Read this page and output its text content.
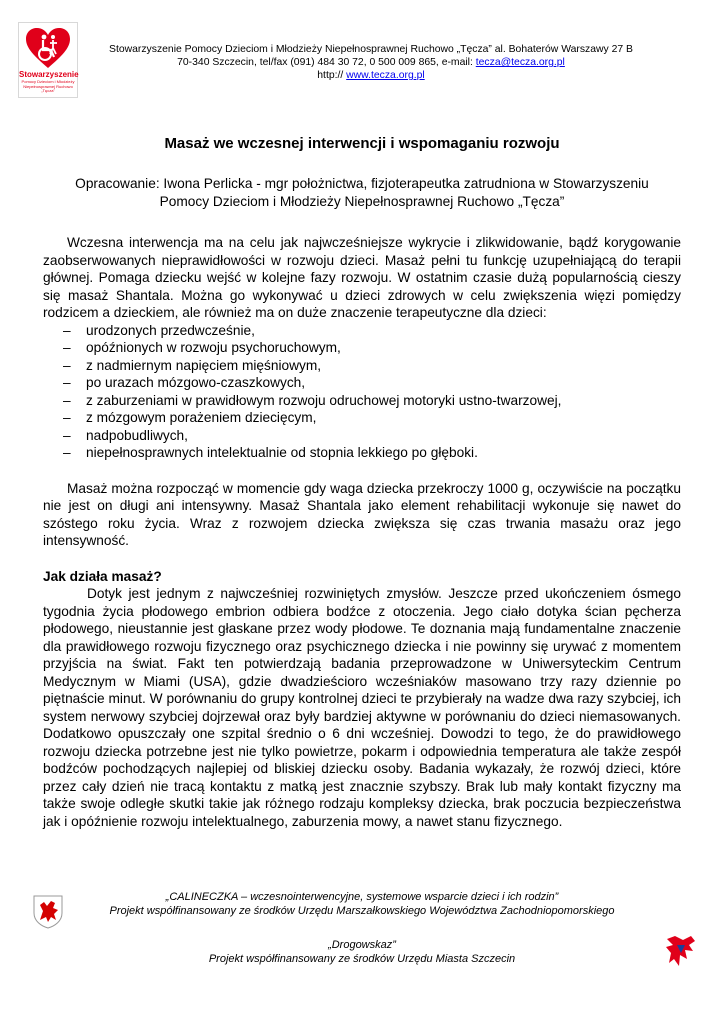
Stowarzyszenie
Pomocy Dzieciom i Młodzieży Niepełnosprawnej Ruchowo „Tęcza”
Stowarzyszenie Pomocy Dzieciom i Młodzieży Niepełnosprawnej Ruchowo „Tęcza” al. Bohaterów Warszawy 27 B
70-340 Szczecin, tel/fax (091) 484 30 72, 0 500 009 865, e-mail: tecza@tecza.org.pl
http:// www.tecza.org.pl
Masaż we wczesnej interwencji i wspomaganiu rozwoju
Opracowanie: Iwona Perlicka - mgr położnictwa, fizjoterapeutka zatrudniona w Stowarzyszeniu Pomocy Dzieciom i Młodzieży Niepełnosprawnej Ruchowo „Tęcza”

Wczesna interwencja ma na celu jak najwcześniejsze wykrycie i zlikwidowanie, bądź korygowanie zaobserwowanych nieprawidłowości w rozwoju dzieci. Masaż pełni tu funkcję uzupełniającą do terapii głównej. Pomaga dziecku wejść w kolejne fazy rozwoju. W ostatnim czasie dużą popularnością cieszy się masaż Shantala. Można go wykonywać u dzieci zdrowych w celu zwiększenia więzi pomiędzy rodzicem a dzieckiem, ale również ma on duże znaczenie terapeutyczne dla dzieci:

– urodzonych przedwcześnie,
– opóźnionych w rozwoju psychoruchowym,
– z nadmiernym napięciem mięśniowym,
– po urazach mózgowo-czaszkowych,
– z zaburzeniami w prawidłowym rozwoju odruchowej motoryki ustno-twarzowej,
– z mózgowym porażeniem dziecięcym,
– nadpobudliwych,
– niepełnosprawnych intelektualnie od stopnia lekkiego po głęboki.

Masaż można rozpocząć w momencie gdy waga dziecka przekroczy 1000 g, oczywiście na początku nie jest on długi ani intensywny. Masaż Shantala jako element rehabilitacji wykonuje się nawet do szóstego roku życia. Wraz z rozwojem dziecka zwiększa się czas trwania masażu oraz jego intensywność.

Jak działa masaż?

Dotyk jest jednym z najwcześniej rozwiniętych zmysłów. Jeszcze przed ukończeniem ósmego tygodnia życia płodowego embrion odbiera bodźce z otoczenia. Jego ciało dotyka ścian pęcherza płodowego, nieustannie jest głaskane przez wody płodowe. Te doznania mają fundamentalne znaczenie dla prawidłowego rozwoju fizycznego oraz psychicznego dziecka i nie powinny się urywać z momentem przyjścia na świat. Fakt ten potwierdzają badania przeprowadzone w Uniwersyteckim Centrum Medycznym w Miami (USA), gdzie dwadzieścioro wcześniaków masowano trzy razy dziennie po piętnaście minut. W porównaniu do grupy kontrolnej dzieci te przybierały na wadze dwa razy szybciej, ich system nerwowy szybciej dojrzewał oraz były bardziej aktywne w porównaniu do dzieci niemasowanych. Dodatkowo opuszczały one szpital średnio o 6 dni wcześniej. Dowodzi to tego, że do prawidłowego rozwoju dziecka potrzebne jest nie tylko powietrze, pokarm i odpowiednia temperatura ale także zespół bodźców pochodzących najlepiej od bliskiej dziecku osoby. Badania wykazały, że rozwój dzieci, które przez cały dzień nie tracą kontaktu z matką jest znacznie szybszy. Brak lub mały kontakt fizyczny ma także swoje odległe skutki takie jak różnego rodzaju kompleksy dziecka, brak poczucia bezpieczeństwa jak i opóźnienie rozwoju intelektualnego, zaburzenia mowy, a nawet stanu fizycznego.

„CALINECZKA – wczesnointerwencyjne, systemowe wsparcie dzieci i ich rodzin”
Projekt współfinansowany ze środków Urzędu Marszałkowskiego Województwa Zachodniopomorskiego
„Drogowskaz”
Projekt współfinansowany ze środków Urzędu Miasta Szczecin
